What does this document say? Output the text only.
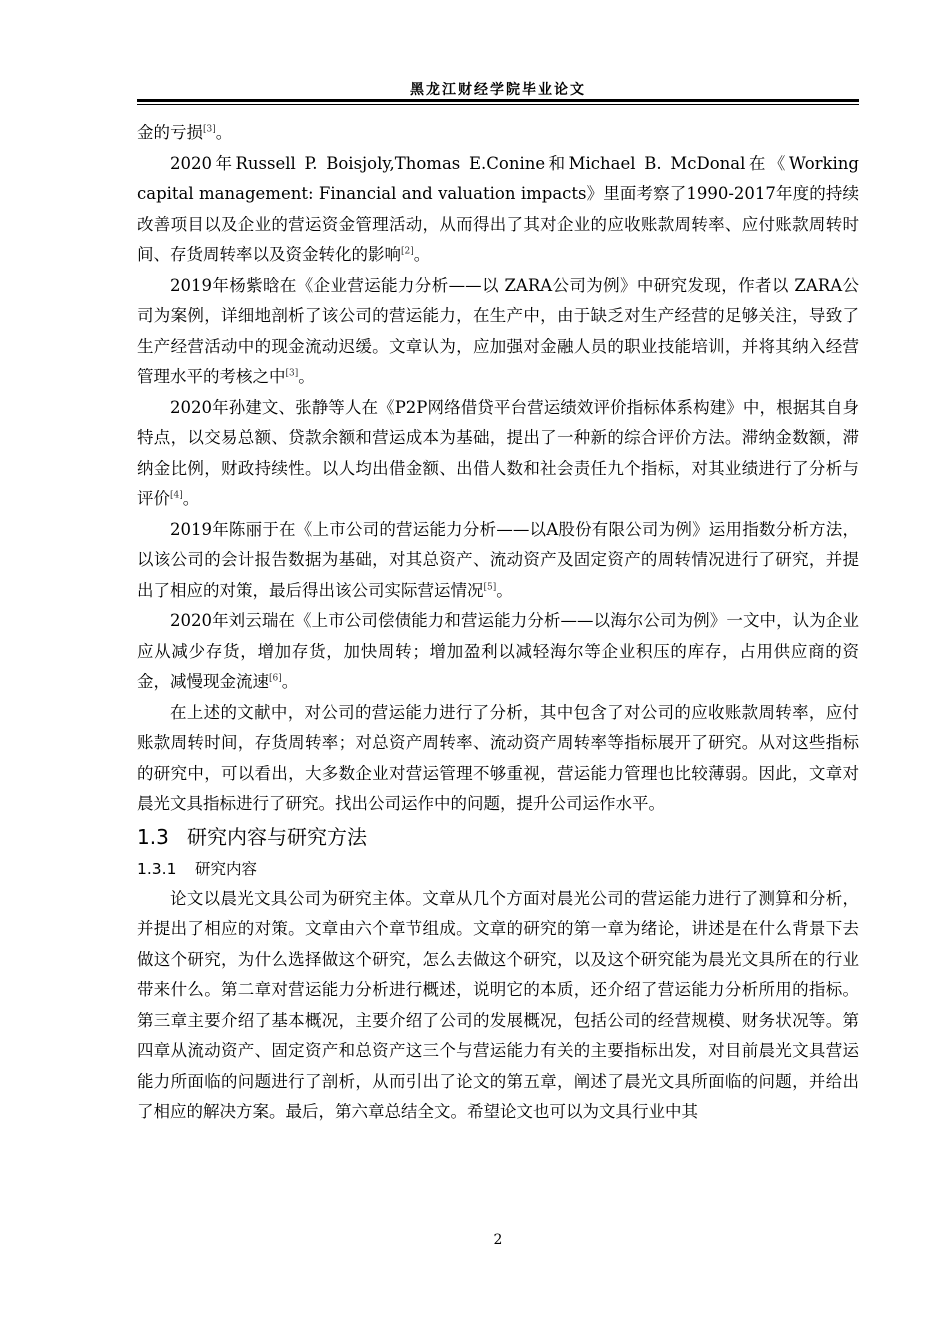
黑龙江财经学院毕业论文

金的亏损[3]。

2020年Russell P. Boisjoly,Thomas E.Conine和Michael B. McDonal在《Working capital management: Financial and valuation impacts》里面考察了1990-2017年度的持续改善项目以及企业的营运资金管理活动，从而得出了其对企业的应收账款周转率、应付账款周转时间、存货周转率以及资金转化的影响[2]。

2019年杨紫晗在《企业营运能力分析——以 ZARA公司为例》中研究发现，作者以 ZARA公司为案例，详细地剖析了该公司的营运能力，在生产中，由于缺乏对生产经营的足够关注，导致了生产经营活动中的现金流动迟缓。文章认为，应加强对金融人员的职业技能培训，并将其纳入经营管理水平的考核之中[3]。

2020年孙建文、张静等人在《P2P网络借贷平台营运绩效评价指标体系构建》中，根据其自身特点，以交易总额、贷款余额和营运成本为基础，提出了一种新的综合评价方法。滞纳金数额，滞纳金比例，财政持续性。以人均出借金额、出借人数和社会责任九个指标，对其业绩进行了分析与评价[4]。

2019年陈丽于在《上市公司的营运能力分析——以A股份有限公司为例》运用指数分析方法，以该公司的会计报告数据为基础，对其总资产、流动资产及固定资产的周转情况进行了研究，并提出了相应的对策，最后得出该公司实际营运情况[5]。

2020年刘云瑞在《上市公司偿债能力和营运能力分析——以海尔公司为例》一文中，认为企业应从减少存货，增加存货，加快周转；增加盈利以减轻海尔等企业积压的库存，占用供应商的资金，减慢现金流速[6]。

在上述的文献中，对公司的营运能力进行了分析，其中包含了对公司的应收账款周转率，应付账款周转时间，存货周转率；对总资产周转率、流动资产周转率等指标展开了研究。从对这些指标的研究中，可以看出，大多数企业对营运管理不够重视，营运能力管理也比较薄弱。因此，文章对晨光文具指标进行了研究。找出公司运作中的问题，提升公司运作水平。

1.3 研究内容与研究方法

1.3.1 研究内容

论文以晨光文具公司为研究主体。文章从几个方面对晨光公司的营运能力进行了测算和分析，并提出了相应的对策。文章由六个章节组成。文章的研究的第一章为绪论，讲述是在什么背景下去做这个研究，为什么选择做这个研究，怎么去做这个研究，以及这个研究能为晨光文具所在的行业带来什么。第二章对营运能力分析进行概述，说明它的本质，还介绍了营运能力分析所用的指标。第三章主要介绍了基本概况，主要介绍了公司的发展概况，包括公司的经营规模、财务状况等。第四章从流动资产、固定资产和总资产这三个与营运能力有关的主要指标出发，对目前晨光文具营运能力所面临的问题进行了剖析，从而引出了论文的第五章，阐述了晨光文具所面临的问题，并给出了相应的解决方案。最后，第六章总结全文。希望论文也可以为文具行业中其

2
